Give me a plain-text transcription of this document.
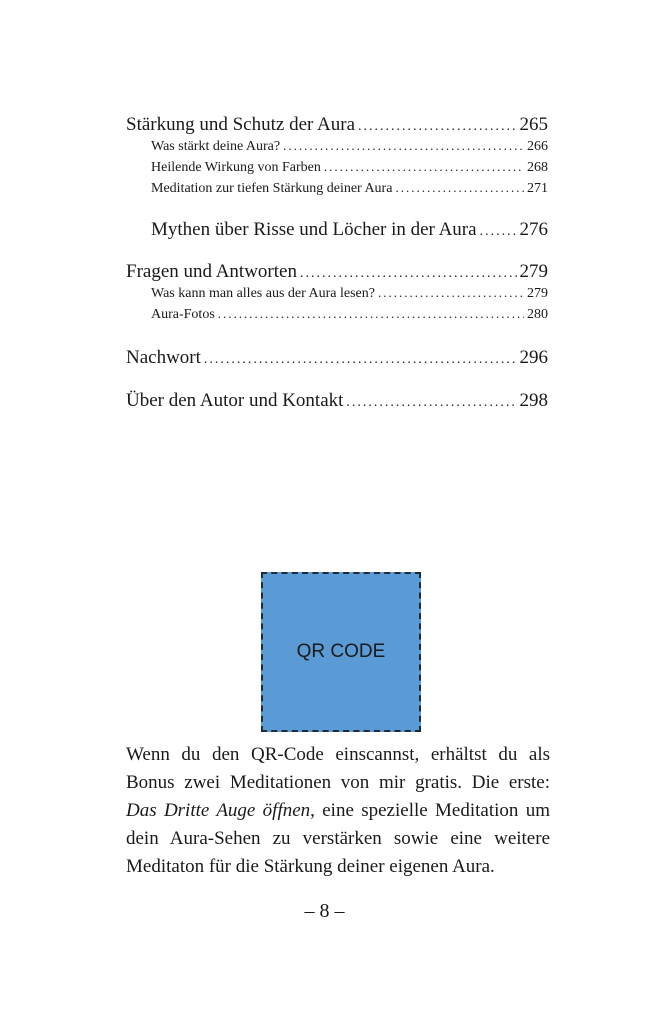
Stärkung und Schutz der Aura .....	265
Was stärkt deine Aura? .....	266
Heilende Wirkung von Farben .....	268
Meditation zur tiefen Stärkung deiner Aura .....	271
Mythen über Risse und Löcher in der Aura ..... 276
Fragen und Antworten .....	279
Was kann man alles aus der Aura lesen? .....	279
Aura-Fotos .....	280
Nachwort .....	296
Über den Autor und Kontakt .....	298
QR CODE

Wenn du den QR-Code einscannst, erhältst du als Bonus zwei Meditationen von mir gratis. Die erste: Das Dritte Auge öffnen, eine spezielle Meditation um dein Aura-Sehen zu verstärken sowie eine weitere Meditaton für die Stärkung deiner eigenen Aura.

– 8 –
